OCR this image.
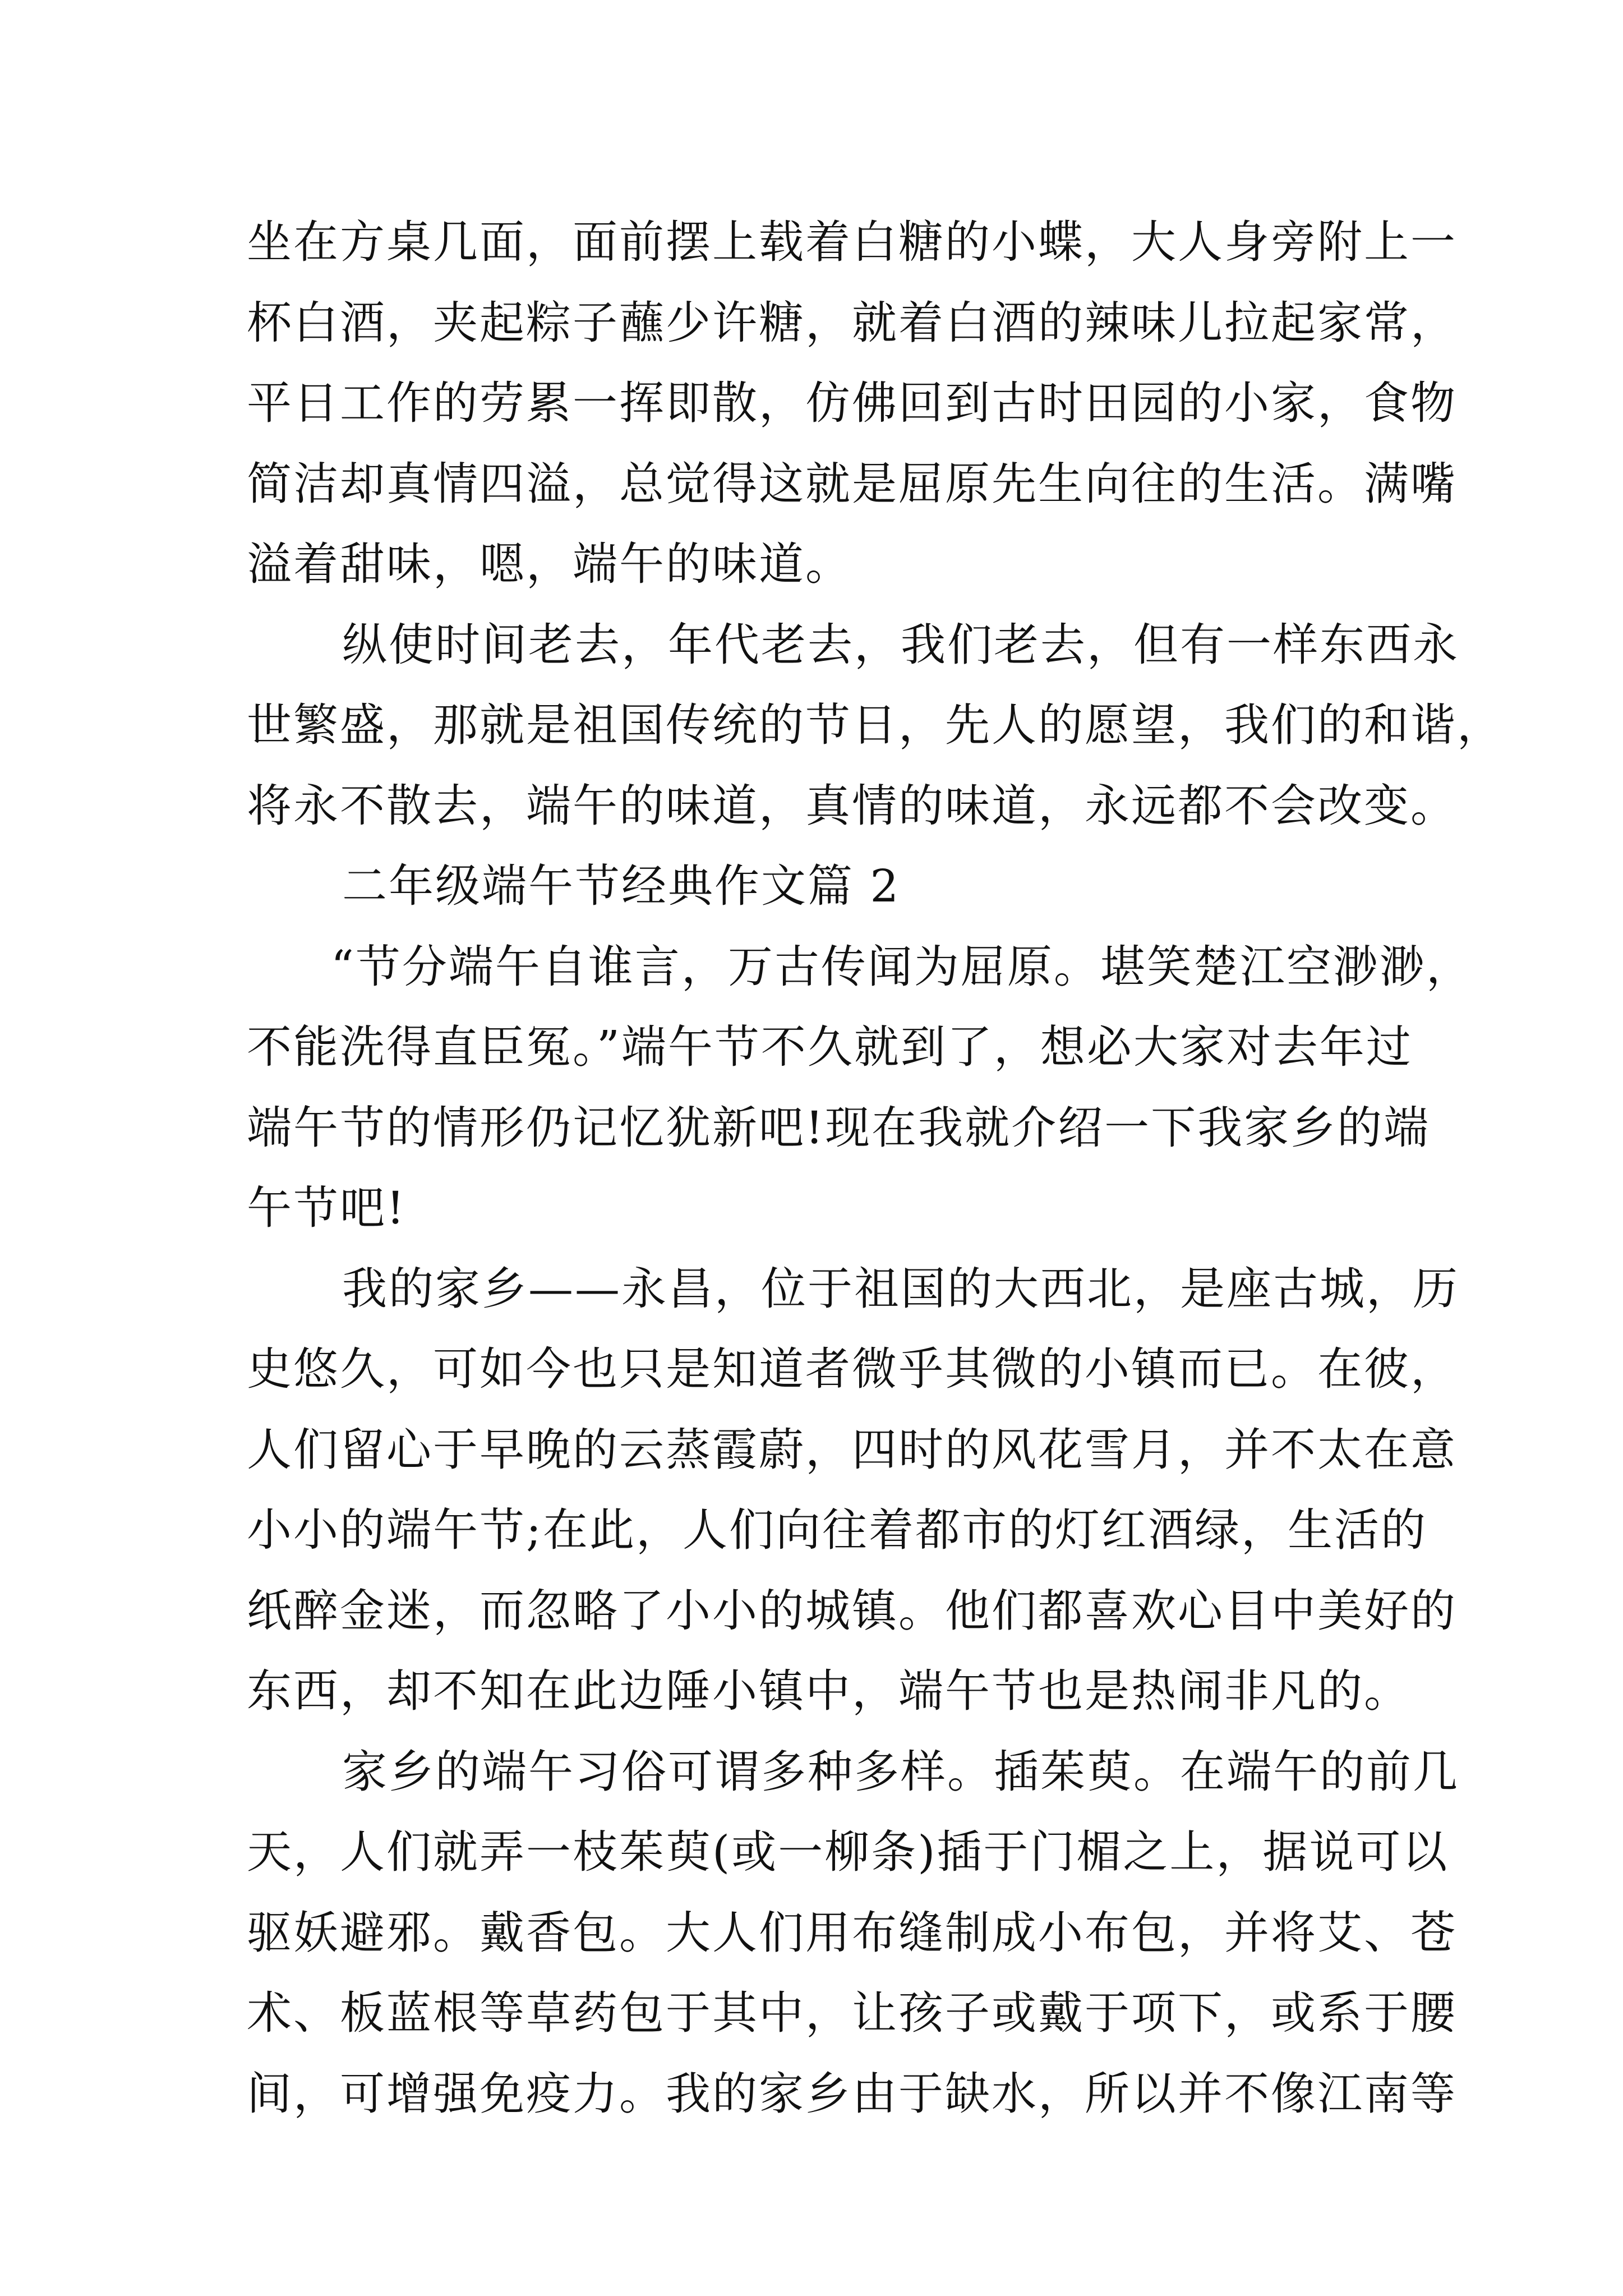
坐在方桌几面，面前摆上载着白糖的小蝶，大人身旁附上一
杯白酒，夹起粽子蘸少许糖，就着白酒的辣味儿拉起家常，
平日工作的劳累一挥即散，仿佛回到古时田园的小家，食物
简洁却真情四溢，总觉得这就是屈原先生向往的生活。满嘴
溢着甜味，嗯，端午的味道。
纵使时间老去，年代老去，我们老去，但有一样东西永
世繁盛，那就是祖国传统的节日，先人的愿望，我们的和谐，
将永不散去，端午的味道，真情的味道，永远都不会改变。
二年级端午节经典作文篇 2
“节分端午自谁言，万古传闻为屈原。堪笑楚江空渺渺，
不能洗得直臣冤。”端午节不久就到了，想必大家对去年过
端午节的情形仍记忆犹新吧!现在我就介绍一下我家乡的端
午节吧!
我的家乡——永昌，位于祖国的大西北，是座古城，历
史悠久，可如今也只是知道者微乎其微的小镇而已。在彼，
人们留心于早晚的云蒸霞蔚，四时的风花雪月，并不太在意
小小的端午节;在此，人们向往着都市的灯红酒绿，生活的
纸醉金迷，而忽略了小小的城镇。他们都喜欢心目中美好的
东西，却不知在此边陲小镇中，端午节也是热闹非凡的。
家乡的端午习俗可谓多种多样。插茱萸。在端午的前几
天，人们就弄一枝茱萸(或一柳条)插于门楣之上，据说可以
驱妖避邪。戴香包。大人们用布缝制成小布包，并将艾、苍
术、板蓝根等草药包于其中，让孩子或戴于项下，或系于腰
间，可增强免疫力。我的家乡由于缺水，所以并不像江南等
